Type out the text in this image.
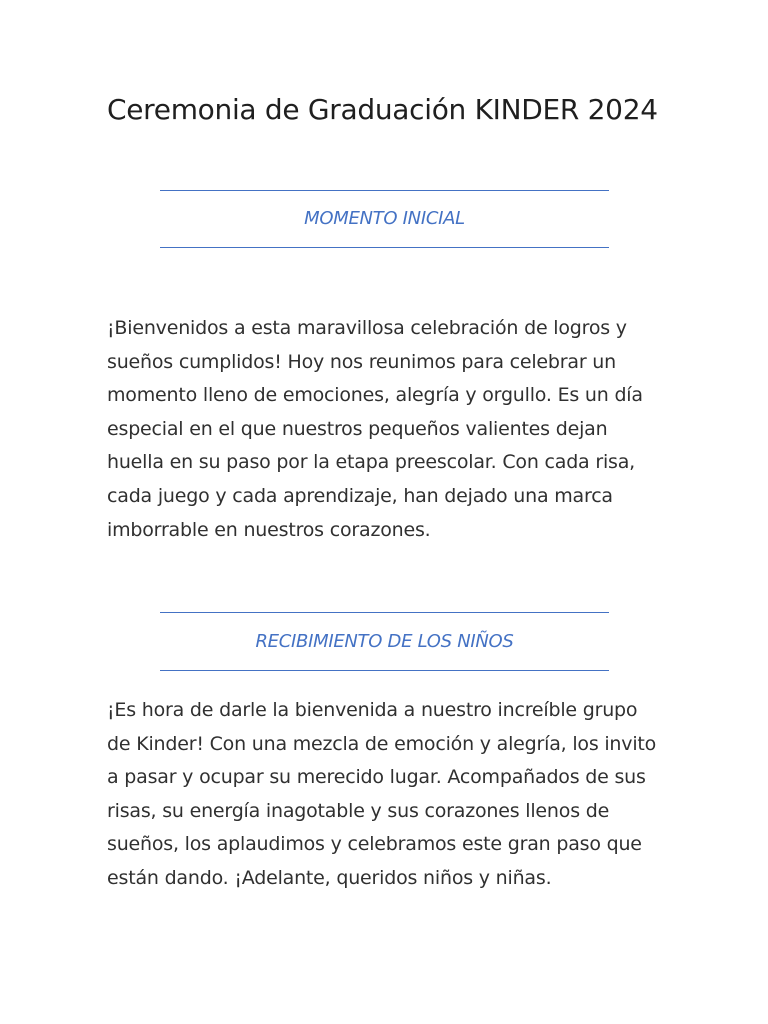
Ceremonia de Graduación KINDER 2024
MOMENTO INICIAL

¡Bienvenidos a esta maravillosa celebración de logros y sueños cumplidos! Hoy nos reunimos para celebrar un momento lleno de emociones, alegría y orgullo. Es un día especial en el que nuestros pequeños valientes dejan huella en su paso por la etapa preescolar. Con cada risa, cada juego y cada aprendizaje, han dejado una marca imborrable en nuestros corazones.

RECIBIMIENTO DE LOS NIÑOS

¡Es hora de darle la bienvenida a nuestro increíble grupo de Kinder! Con una mezcla de emoción y alegría, los invito a pasar y ocupar su merecido lugar. Acompañados de sus risas, su energía inagotable y sus corazones llenos de sueños, los aplaudimos y celebramos este gran paso que están dando. ¡Adelante, queridos niños y niñas.
